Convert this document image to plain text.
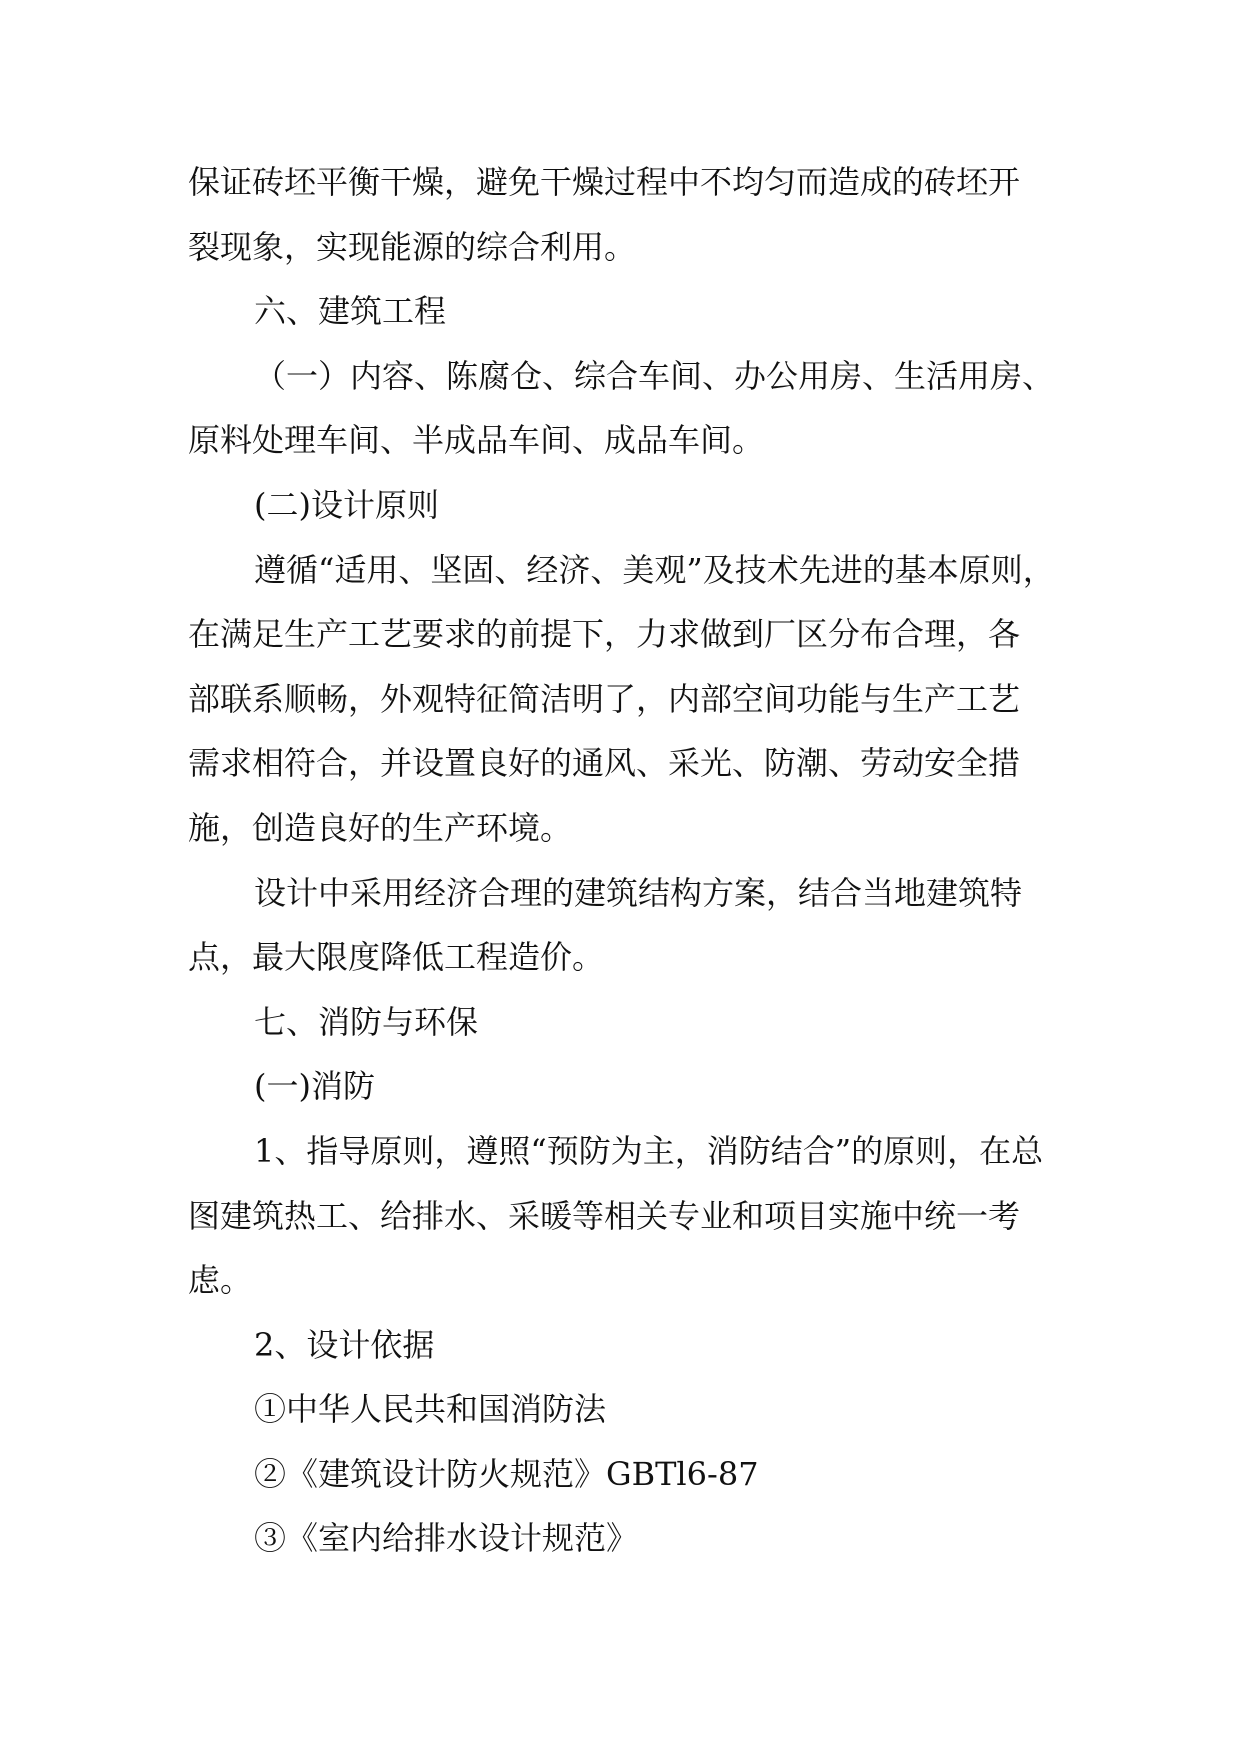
保证砖坯平衡干燥，避免干燥过程中不均匀而造成的砖坯开
裂现象，实现能源的综合利用。
六、建筑工程
（一）内容、陈腐仓、综合车间、办公用房、生活用房、
原料处理车间、半成品车间、成品车间。
(二)设计原则
遵循“适用、坚固、经济、美观”及技术先进的基本原则，
在满足生产工艺要求的前提下，力求做到厂区分布合理，各
部联系顺畅，外观特征简洁明了，内部空间功能与生产工艺
需求相符合，并设置良好的通风、采光、防潮、劳动安全措
施，创造良好的生产环境。
设计中采用经济合理的建筑结构方案，结合当地建筑特
点，最大限度降低工程造价。
七、消防与环保
(一)消防
1、指导原则，遵照“预防为主，消防结合”的原则，在总
图建筑热工、给排水、采暖等相关专业和项目实施中统一考
虑。
2、设计依据
①中华人民共和国消防法
②《建筑设计防火规范》GBTl6-87
③《室内给排水设计规范》
